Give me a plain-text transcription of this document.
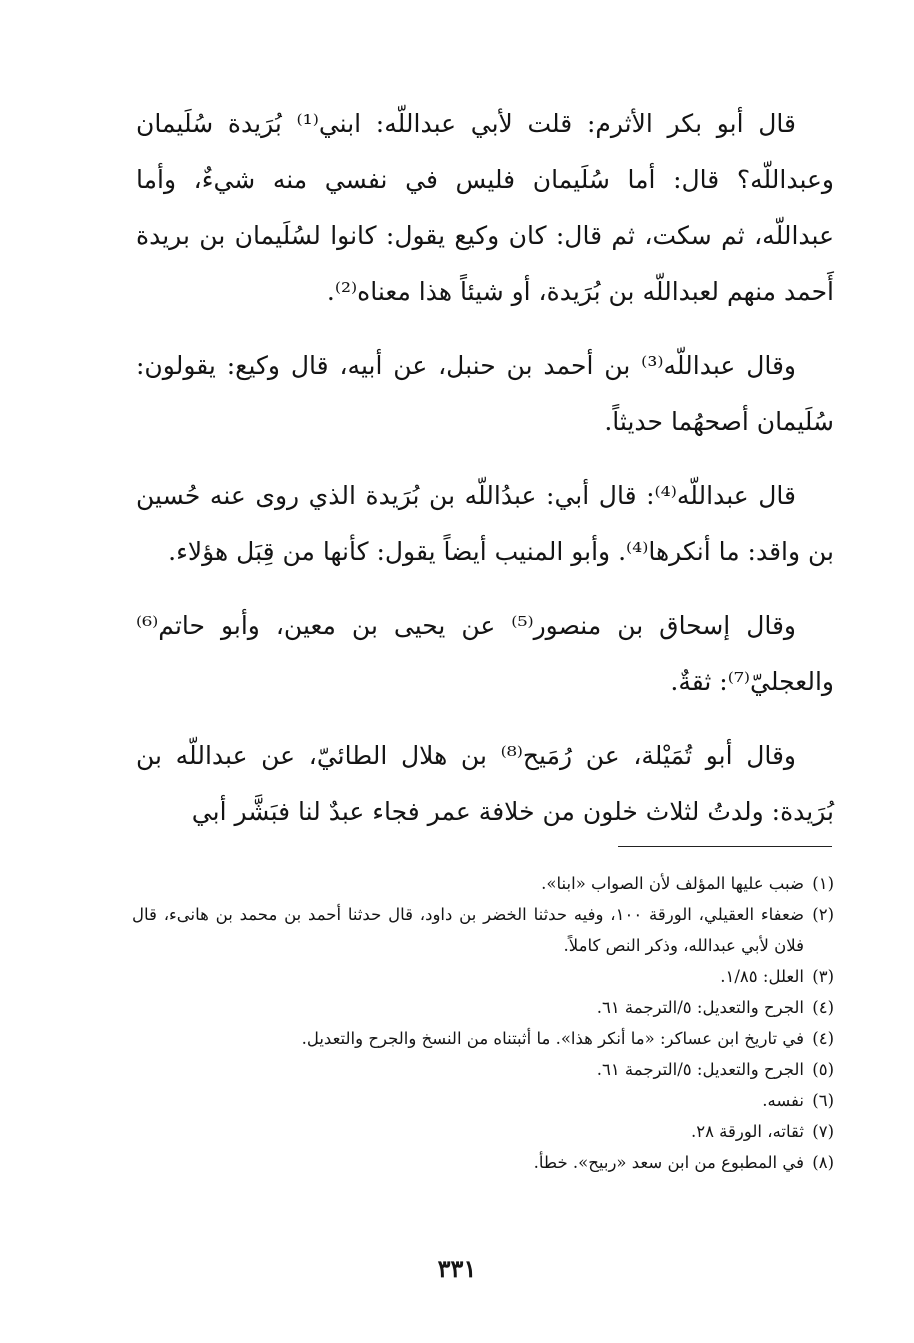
قال أبو بكر الأثرم: قلت لأبي عبداللّه: ابني⁽¹⁾ بُرَيدة سُلَيمان وعبداللّه؟ قال: أما سُلَيمان فليس في نفسي منه شيءٌ، وأما عبداللّه، ثم سكت، ثم قال: كان وكيع يقول: كانوا لسُلَيمان بن بريدة أَحمد منهم لعبداللّه بن بُرَيدة، أو شيئاً هذا معناه⁽²⁾.

وقال عبداللّه⁽³⁾ بن أحمد بن حنبل، عن أبيه، قال وكيع: يقولون: سُلَيمان أصحهُما حديثاً.

قال عبداللّه⁽⁴⁾: قال أبي: عبدُاللّه بن بُرَيدة الذي روى عنه حُسين بن واقد: ما أنكرها⁽⁴⁾. وأبو المنيب أيضاً يقول: كأنها من قِبَل هؤلاء.

وقال إسحاق بن منصور⁽⁵⁾ عن يحيى بن معين، وأبو حاتم⁽⁶⁾ والعجليّ⁽⁷⁾: ثقةٌ.

وقال أبو تُمَيْلة، عن رُمَيح⁽⁸⁾ بن هلال الطائيّ، عن عبداللّه بن بُرَيدة: ولدتُ لثلاث خلون من خلافة عمر فجاء عبدٌ لنا فبَشَّر أبي

(١)
ضبب عليها المؤلف لأن الصواب «ابنا».
(٢)
ضعفاء العقيلي، الورقة ١٠٠، وفيه حدثنا الخضر بن داود، قال حدثنا أحمد بن محمد بن هانىء، قال فلان لأبي عبدالله، وذكر النص كاملاً.
(٣)
العلل: ١/٨٥.
(٤)
الجرح والتعديل: ٥/الترجمة ٦١.
(٤)
في تاريخ ابن عساكر: «ما أنكر هذا». ما أثبتناه من النسخ والجرح والتعديل.
(٥)
الجرح والتعديل: ٥/الترجمة ٦١.
(٦)
نفسه.
(٧)
ثقاته، الورقة ٢٨.
(٨)
في المطبوع من ابن سعد «ربيح». خطأ.
٣٣١
